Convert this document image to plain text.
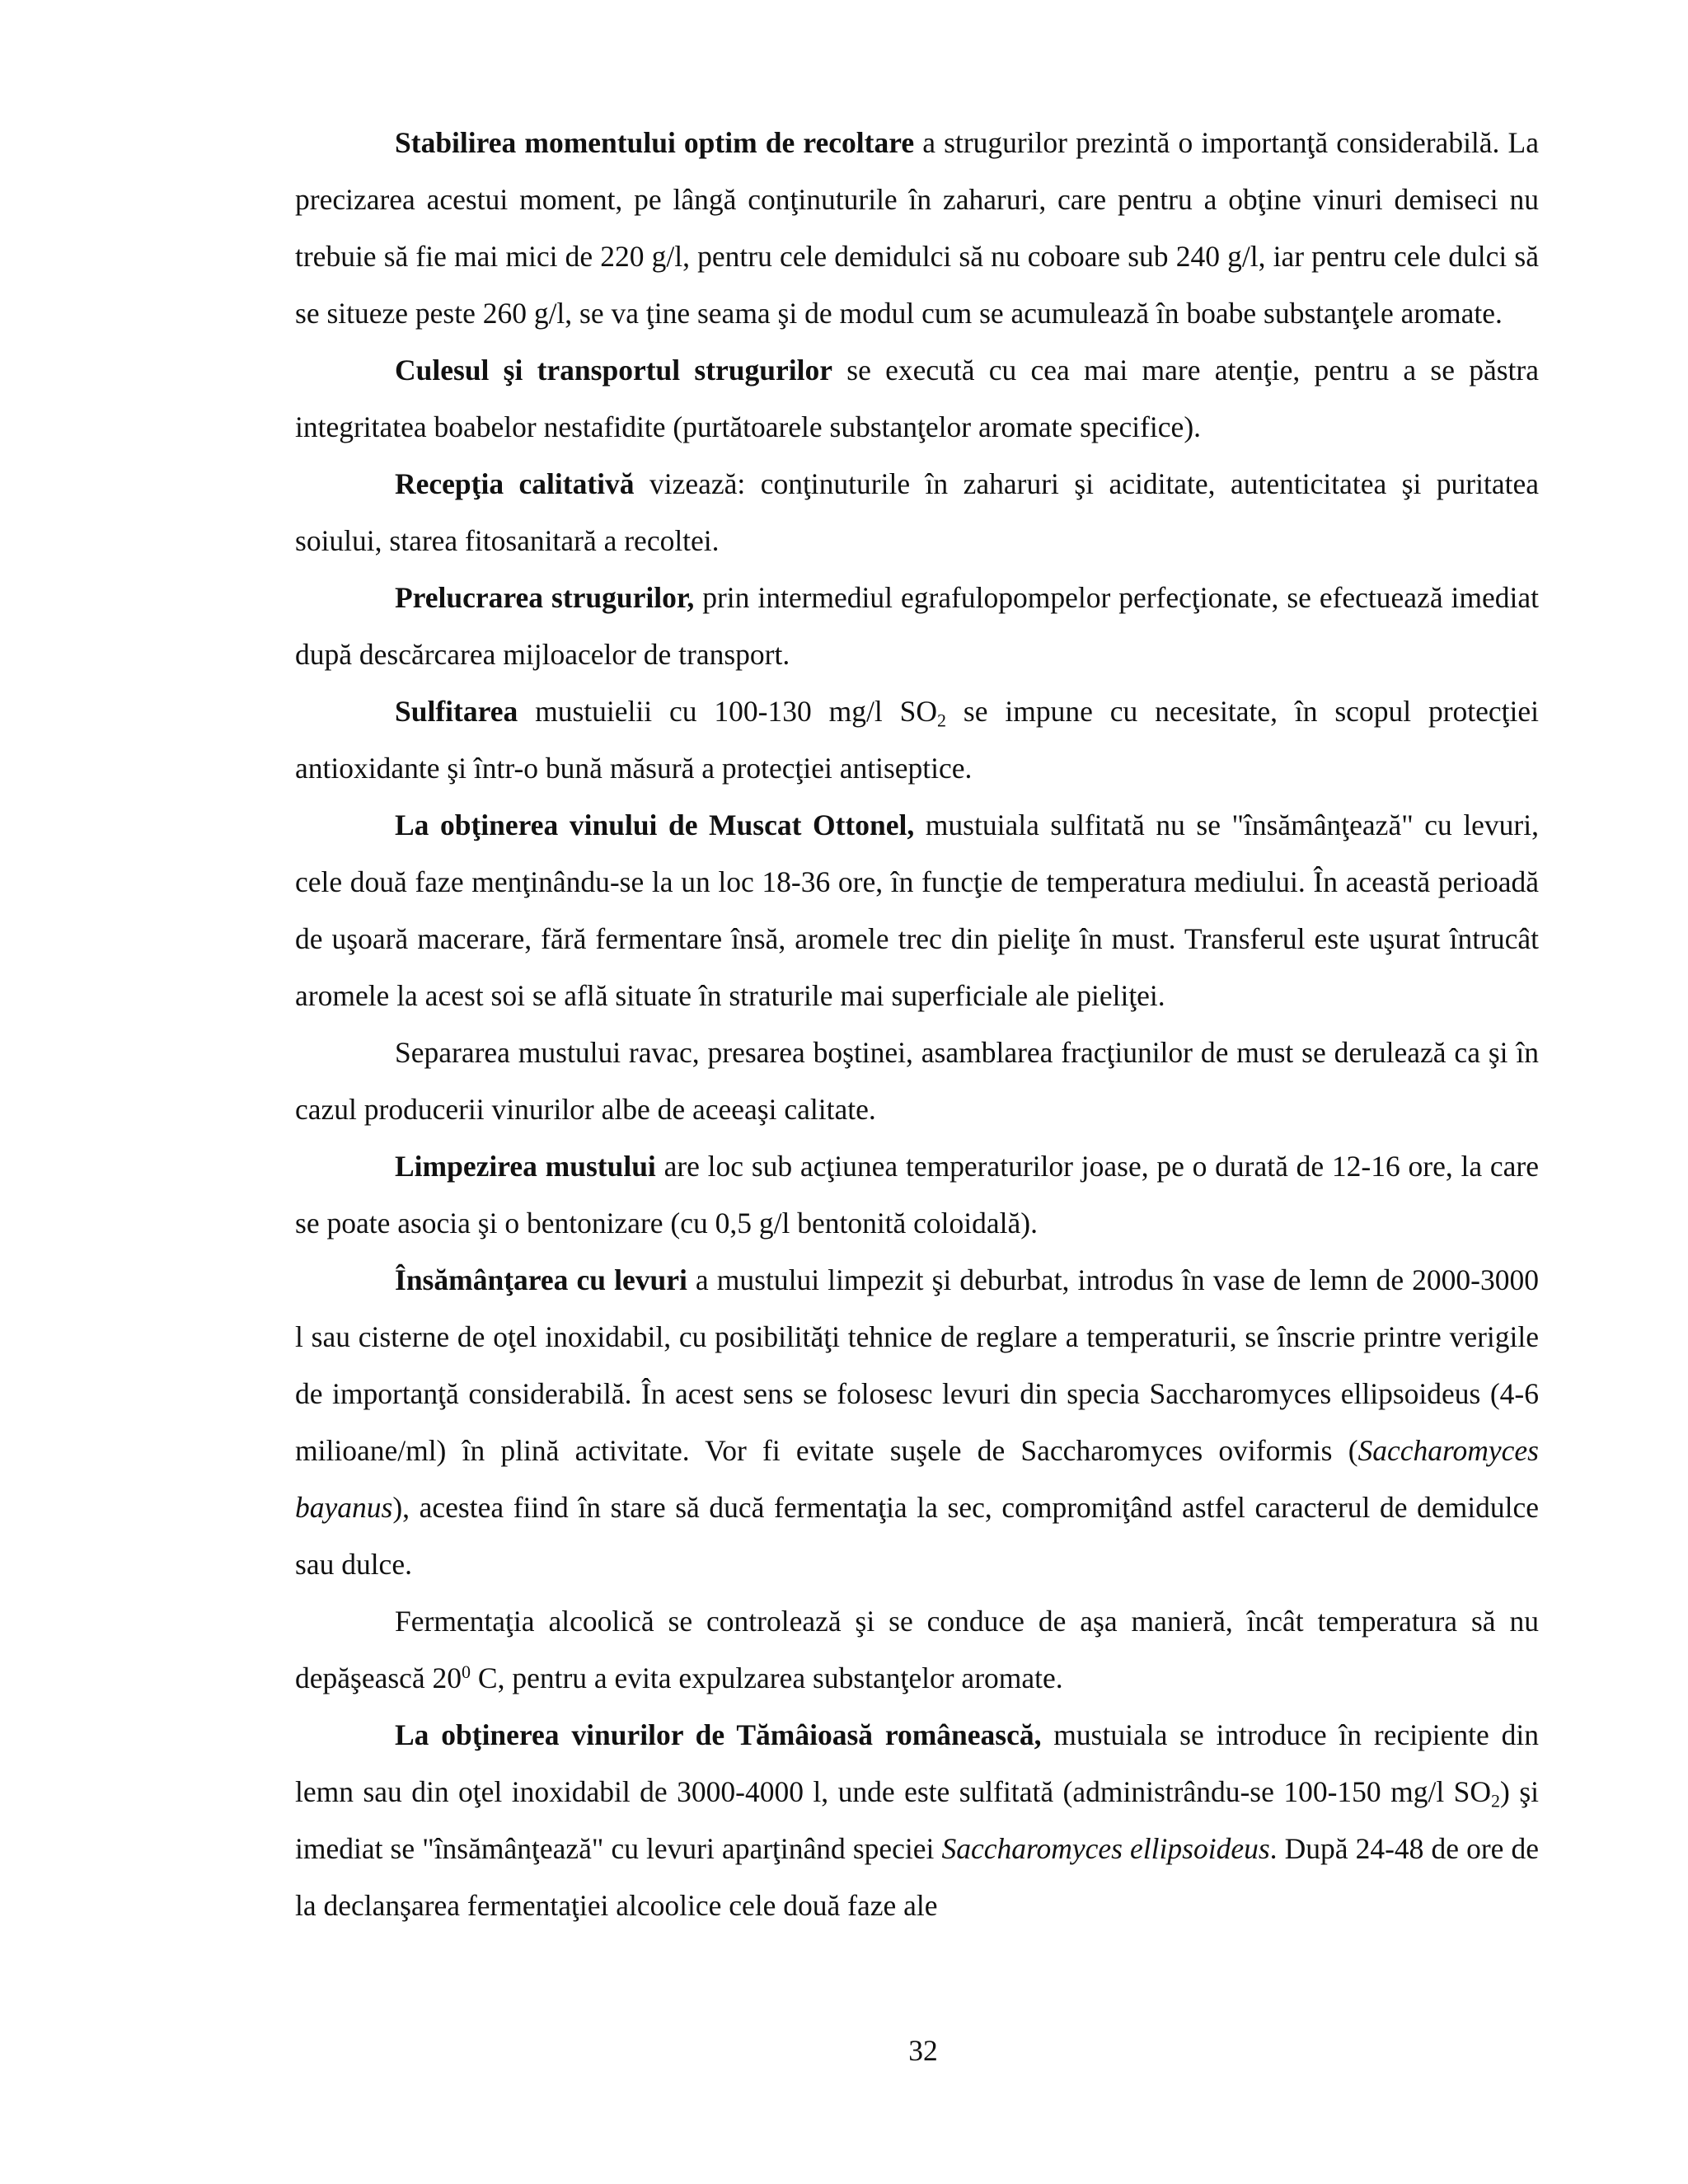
Stabilirea momentului optim de recoltare a strugurilor prezintă o importanţă considerabilă. La precizarea acestui moment, pe lângă conţinuturile în zaharuri, care pentru a obţine vinuri demiseci nu trebuie să fie mai mici de 220 g/l, pentru cele demidulci să nu coboare sub 240 g/l, iar pentru cele dulci să se situeze peste 260 g/l, se va ţine seama şi de modul cum se acumulează în boabe substanţele aromate.

Culesul şi transportul strugurilor se execută cu cea mai mare atenţie, pentru a se păstra integritatea boabelor nestafidite (purtătoarele substanţelor aromate specifice).

Recepţia calitativă vizează: conţinuturile în zaharuri şi aciditate, autenticitatea şi puritatea soiului, starea fitosanitară a recoltei.

Prelucrarea strugurilor, prin intermediul egrafulopompelor perfecţionate, se efectuează imediat după descărcarea mijloacelor de transport.

Sulfitarea mustuielii cu 100-130 mg/l $SO_2$ se impune cu necesitate, în scopul protecţiei antioxidante şi într-o bună măsură a protecţiei antiseptice.

La obţinerea vinului de Muscat Ottonel, mustuiala sulfitată nu se "însămânţează" cu levuri, cele două faze menţinându-se la un loc 18-36 ore, în funcţie de temperatura mediului. În această perioadă de uşoară macerare, fără fermentare însă, aromele trec din pieliţe în must. Transferul este uşurat întrucât aromele la acest soi se află situate în straturile mai superficiale ale pieliţei.

Separarea mustului ravac, presarea boştinei, asamblarea fracţiunilor de must se derulează ca şi în cazul producerii vinurilor albe de aceeaşi calitate.

Limpezirea mustului are loc sub acţiunea temperaturilor joase, pe o durată de 12-16 ore, la care se poate asocia şi o bentonizare (cu 0,5 g/l bentonită coloidală).

Însămânţarea cu levuri a mustului limpezit şi deburbat, introdus în vase de lemn de 2000-3000 l sau cisterne de oţel inoxidabil, cu posibilităţi tehnice de reglare a temperaturii, se înscrie printre verigile de importanţă considerabilă. În acest sens se folosesc levuri din specia Saccharomyces ellipsoideus (4-6 milioane/ml) în plină activitate. Vor fi evitate suşele de Saccharomyces oviformis (Saccharomyces bayanus), acestea fiind în stare să ducă fermentaţia la sec, compromiţând astfel caracterul de demidulce sau dulce.

Fermentaţia alcoolică se controlează şi se conduce de aşa manieră, încât temperatura să nu depăşească $20^0$ C, pentru a evita expulzarea substanţelor aromate.

La obţinerea vinurilor de Tămâioasă românească, mustuiala se introduce în recipiente din lemn sau din oţel inoxidabil de 3000-4000 l, unde este sulfitată (administrându-se 100-150 mg/l $SO_2$) şi imediat se "însămânţează" cu levuri aparţinând speciei Saccharomyces ellipsoideus. După 24-48 de ore de la declanşarea fermentaţiei alcoolice cele două faze ale

32
